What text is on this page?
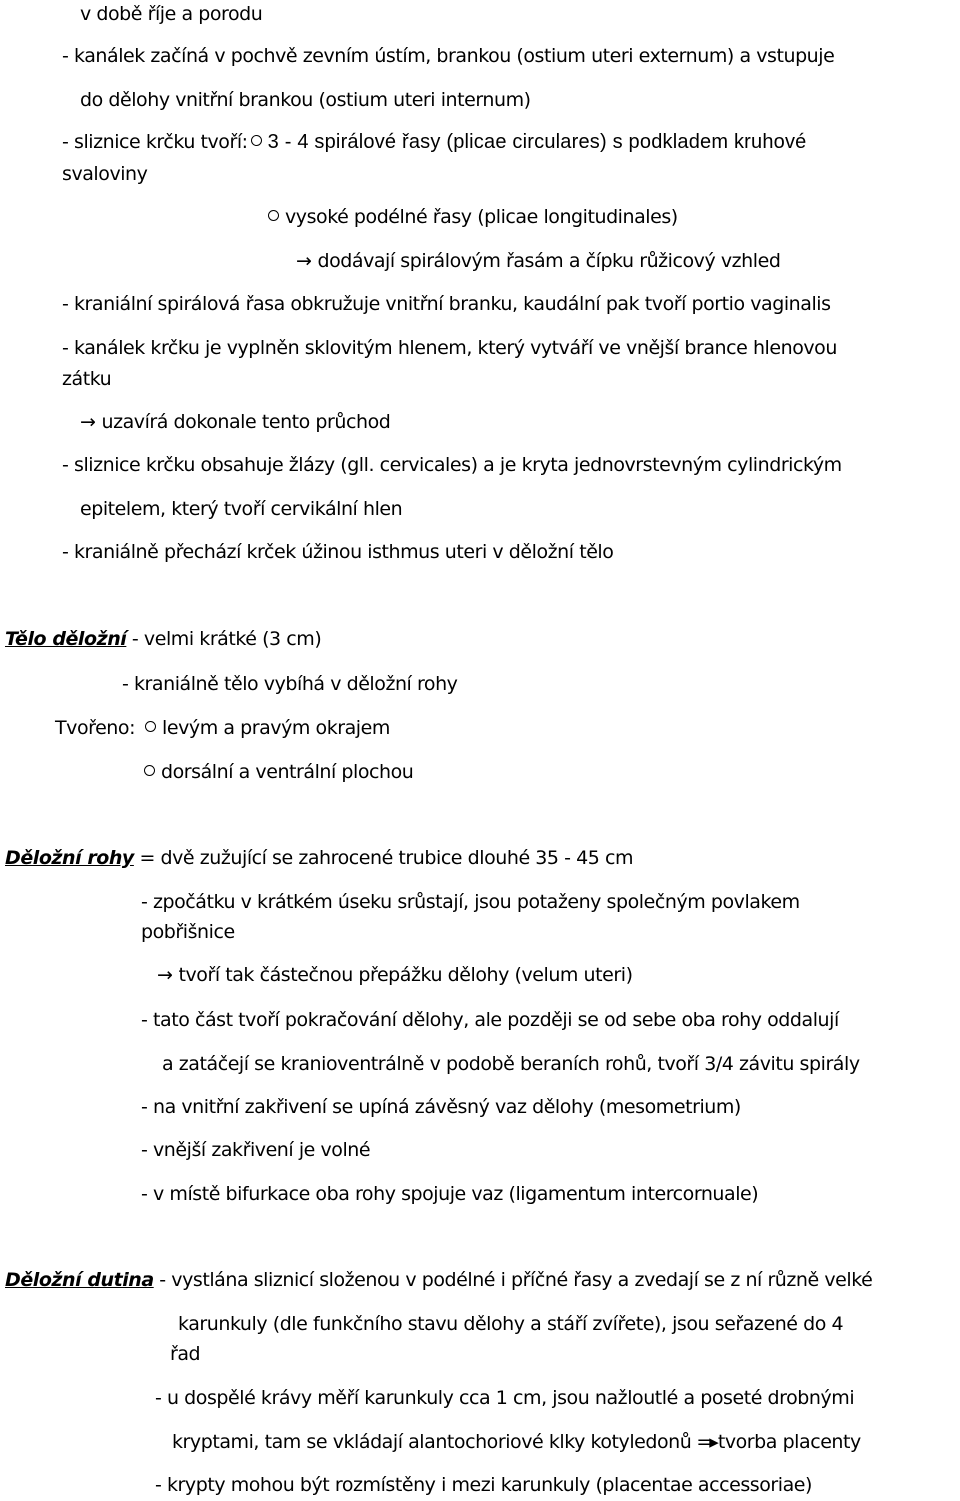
v době říje a porodu
- kanálek začíná v pochvě zevním ústím, brankou (ostium uteri externum) a vstupuje
do dělohy vnitřní brankou (ostium uteri internum)
- sliznice krčku tvoří: 3 - 4 spirálové řasy (plicae circulares) s podkladem kruhové
svaloviny
vysoké podélné řasy (plicae longitudinales)
→ dodávají spirálovým řasám a čípku růžicový vzhled
- kraniální spirálová řasa obkružuje vnitřní branku, kaudální pak tvoří portio vaginalis
- kanálek krčku je vyplněn sklovitým hlenem, který vytváří ve vnější brance hlenovou
zátku
→ uzavírá dokonale tento průchod
- sliznice krčku obsahuje žlázy (gll. cervicales) a je kryta jednovrstevným cylindrickým
epitelem, který tvoří cervikální hlen
- kraniálně přechází krček úžinou isthmus uteri v děložní tělo
Tělo děložní - velmi krátké (3 cm)
- kraniálně tělo vybíhá v děložní rohy
Tvořeno: levým a pravým okrajem
dorsální a ventrální plochou
Děložní rohy = dvě zužující se zahrocené trubice dlouhé 35 - 45 cm
- zpočátku v krátkém úseku srůstají, jsou potaženy společným povlakem
pobřišnice
→ tvoří tak částečnou přepážku dělohy (velum uteri)
- tato část tvoří pokračování dělohy, ale později se od sebe oba rohy oddalují
a zatáčejí se kranioventrálně v podobě beraních rohů, tvoří 3/4 závitu spirály
- na vnitřní zakřivení se upíná závěsný vaz dělohy (mesometrium)
- vnější zakřivení je volné
- v místě bifurkace oba rohy spojuje vaz (ligamentum intercornuale)
Děložní dutina - vystlána sliznicí složenou v podélné i příčné řasy a zvedají se z ní různě velké
karunkuly (dle funkčního stavu dělohy a stáří zvířete), jsou seřazené do 4
řad
- u dospělé krávy měří karunkuly cca 1 cm, jsou nažloutlé a poseté drobnými
kryptami, tam se vkládají alantochoriové klky kotyledonů =▸ tvorba placenty
- krypty mohou být rozmístěny i mezi karunkuly (placentae accessoriae)
